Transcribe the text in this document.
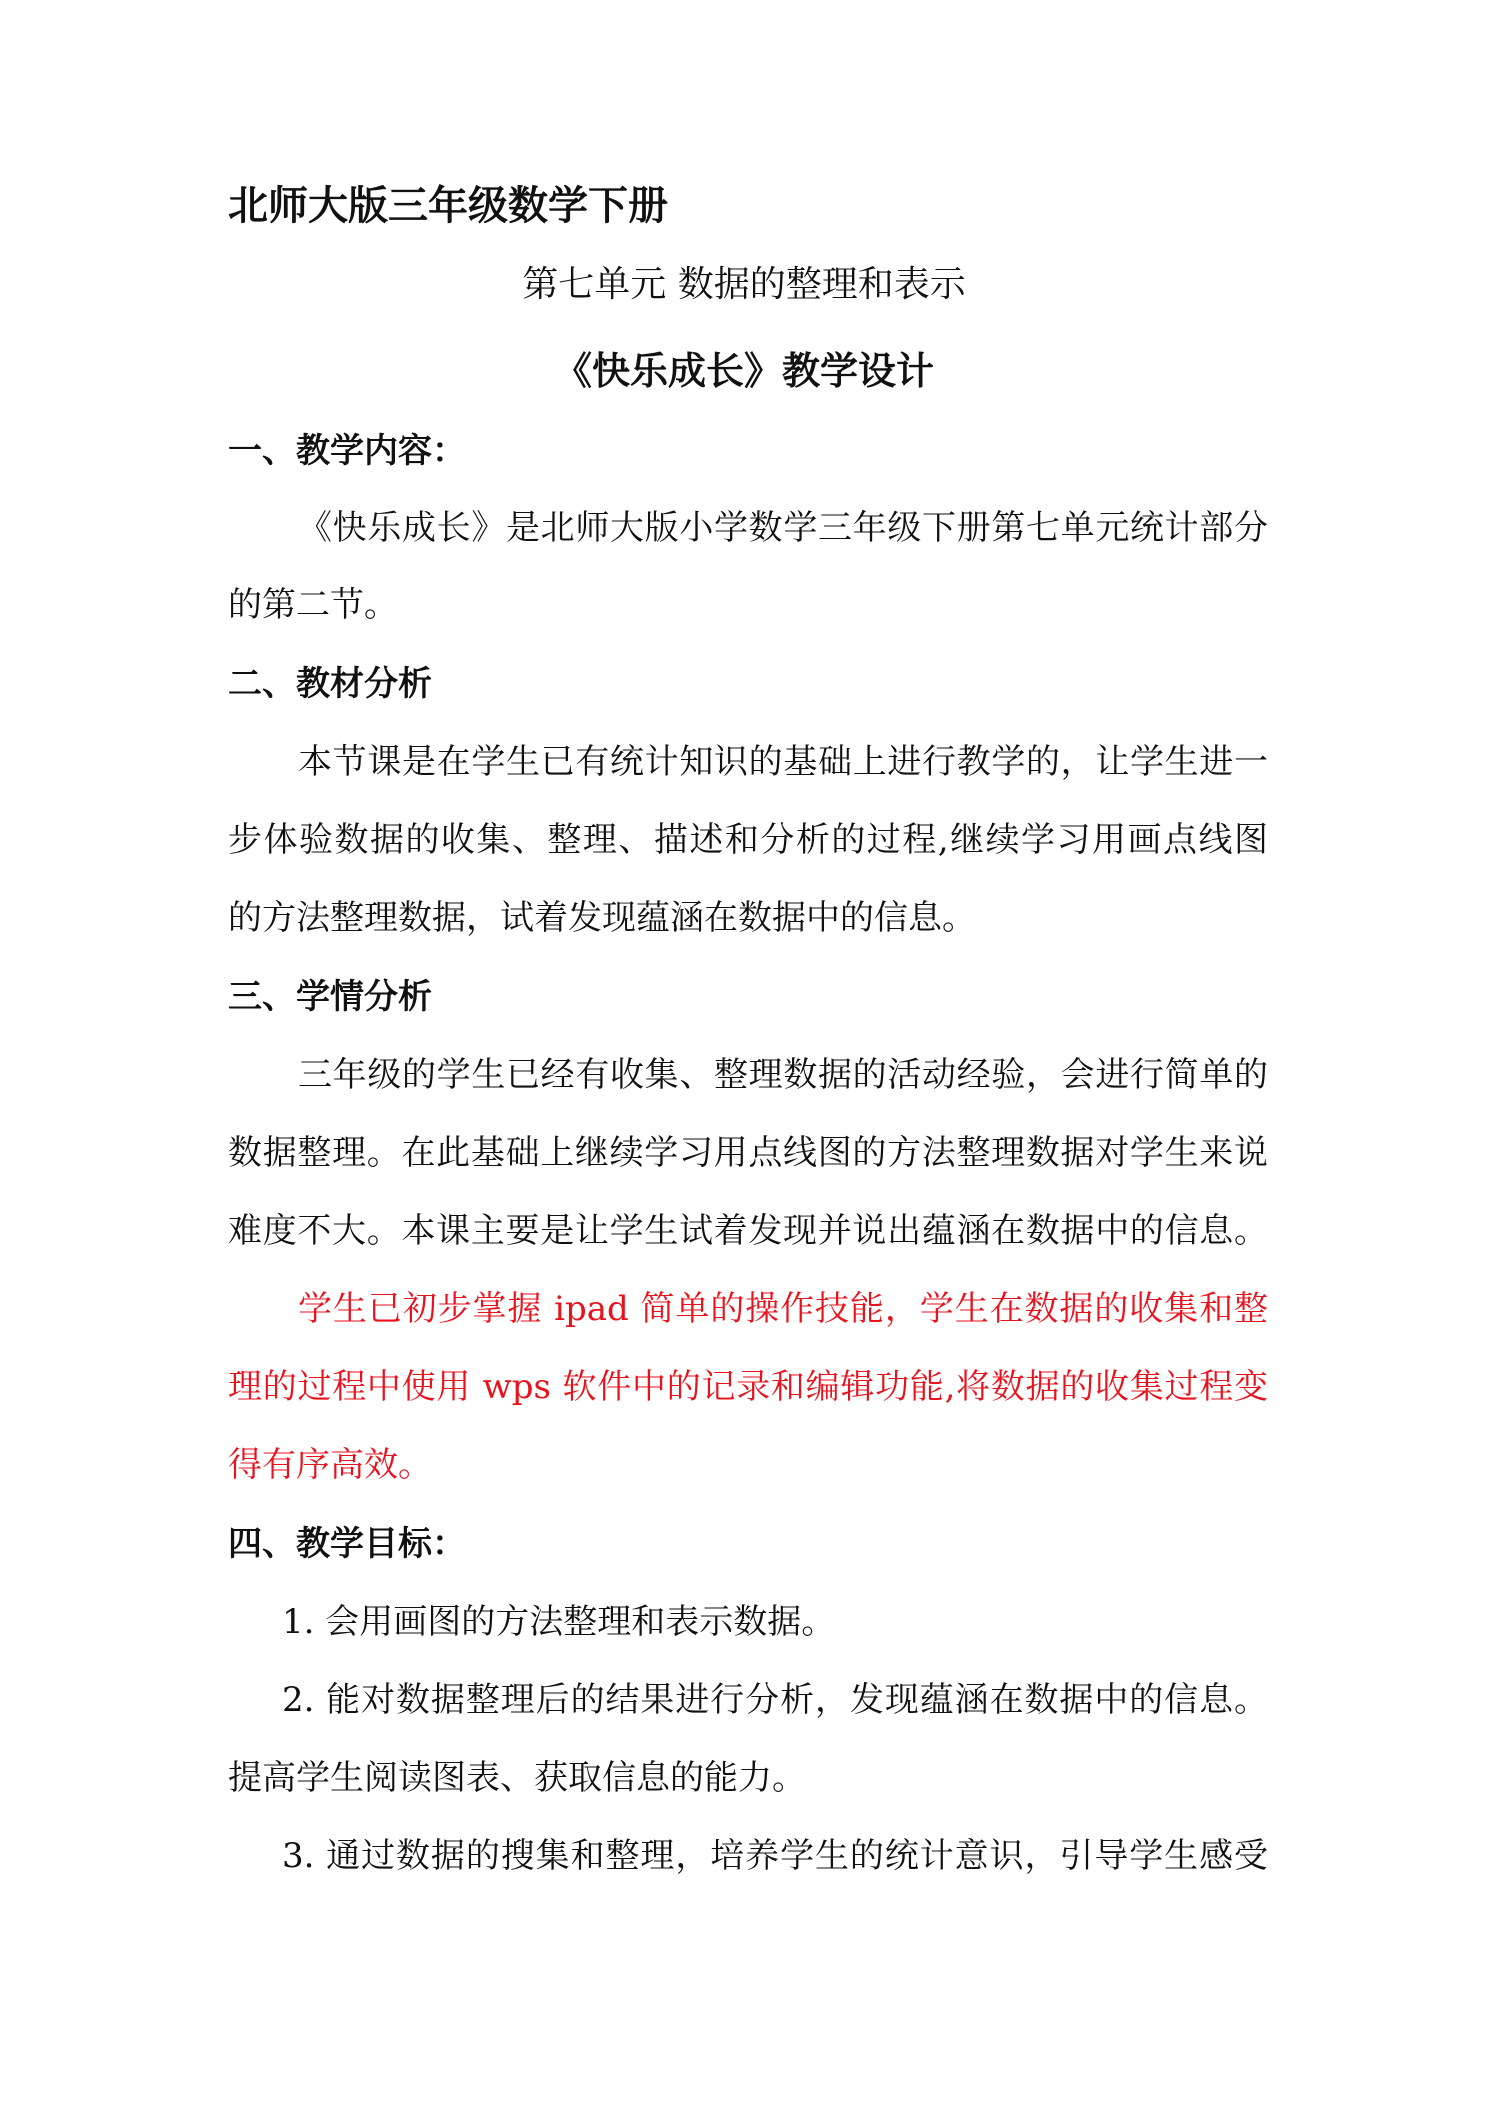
北师大版三年级数学下册
第七单元 数据的整理和表示
《快乐成长》教学设计
一、教学内容：
《快乐成长》是北师大版小学数学三年级下册第七单元统计部分
的第二节。
二、教材分析
本节课是在学生已有统计知识的基础上进行教学的，让学生进一
步体验数据的收集、整理、描述和分析的过程,继续学习用画点线图
的方法整理数据，试着发现蕴涵在数据中的信息。
三、学情分析
三年级的学生已经有收集、整理数据的活动经验，会进行简单的
数据整理。在此基础上继续学习用点线图的方法整理数据对学生来说
难度不大。本课主要是让学生试着发现并说出蕴涵在数据中的信息。
学生已初步掌握 ipad 简单的操作技能，学生在数据的收集和整
理的过程中使用 wps 软件中的记录和编辑功能,将数据的收集过程变
得有序高效。
四、教学目标：
1. 会用画图的方法整理和表示数据。
2. 能对数据整理后的结果进行分析，发现蕴涵在数据中的信息。
提高学生阅读图表、获取信息的能力。
3. 通过数据的搜集和整理，培养学生的统计意识，引导学生感受
